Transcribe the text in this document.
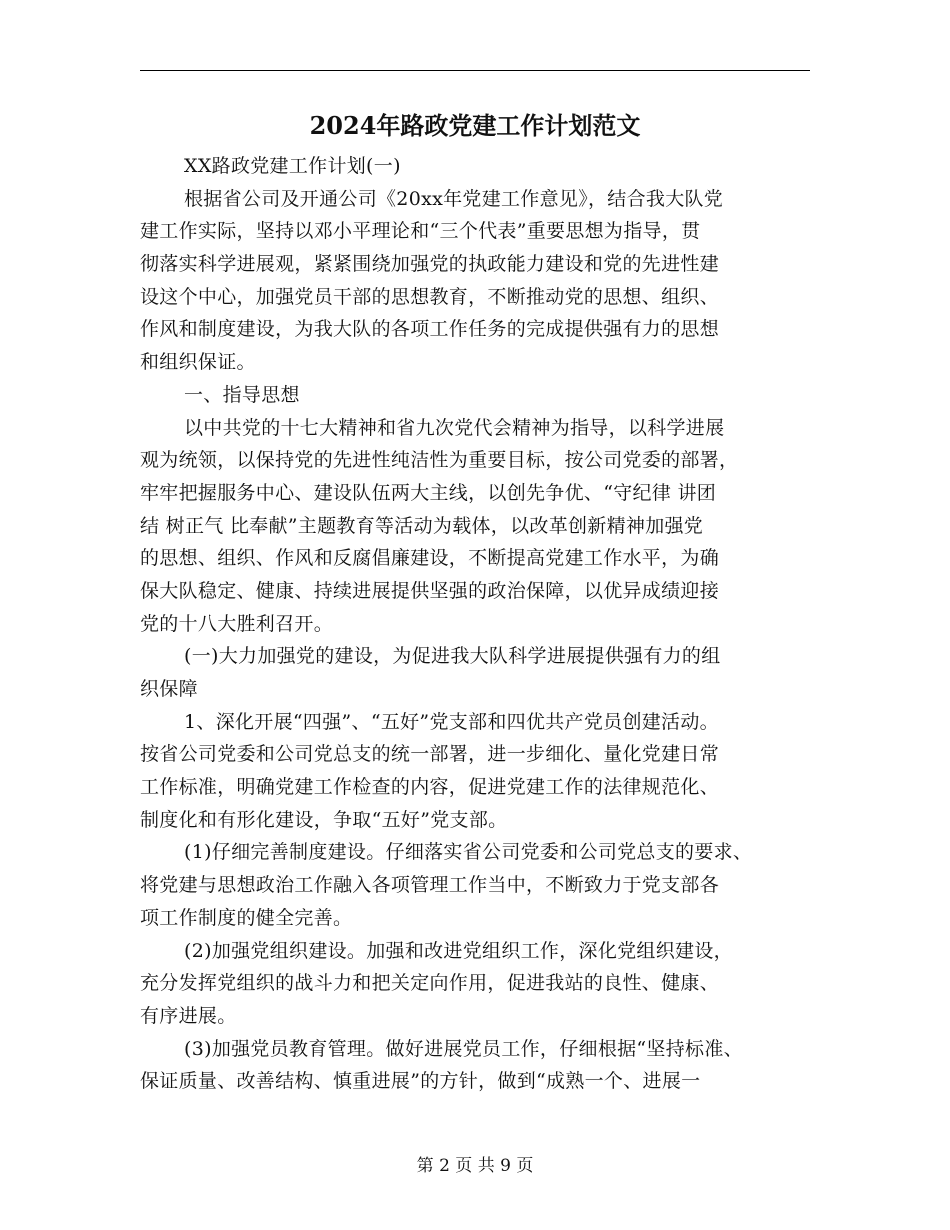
2024年路政党建工作计划范文
XX路政党建工作计划(一)
根据省公司及开通公司《20xx年党建工作意见》，结合我大队党
建工作实际，坚持以邓小平理论和“三个代表”重要思想为指导，贯
彻落实科学进展观，紧紧围绕加强党的执政能力建设和党的先进性建
设这个中心，加强党员干部的思想教育，不断推动党的思想、组织、
作风和制度建设，为我大队的各项工作任务的完成提供强有力的思想
和组织保证。
一、指导思想
以中共党的十七大精神和省九次党代会精神为指导，以科学进展
观为统领，以保持党的先进性纯洁性为重要目标，按公司党委的部署，
牢牢把握服务中心、建设队伍两大主线，以创先争优、“守纪律 讲团
结 树正气 比奉献”主题教育等活动为载体，以改革创新精神加强党
的思想、组织、作风和反腐倡廉建设，不断提高党建工作水平，为确
保大队稳定、健康、持续进展提供坚强的政治保障，以优异成绩迎接
党的十八大胜利召开。
(一)大力加强党的建设，为促进我大队科学进展提供强有力的组
织保障
1、深化开展“四强”、“五好”党支部和四优共产党员创建活动。
按省公司党委和公司党总支的统一部署，进一步细化、量化党建日常
工作标准，明确党建工作检查的内容，促进党建工作的法律规范化、
制度化和有形化建设，争取“五好”党支部。
(1)仔细完善制度建设。仔细落实省公司党委和公司党总支的要求、
将党建与思想政治工作融入各项管理工作当中，不断致力于党支部各
项工作制度的健全完善。
(2)加强党组织建设。加强和改进党组织工作，深化党组织建设，
充分发挥党组织的战斗力和把关定向作用，促进我站的良性、健康、
有序进展。
(3)加强党员教育管理。做好进展党员工作，仔细根据“坚持标准、
保证质量、改善结构、慎重进展”的方针，做到“成熟一个、进展一
第 2 页 共 9 页
